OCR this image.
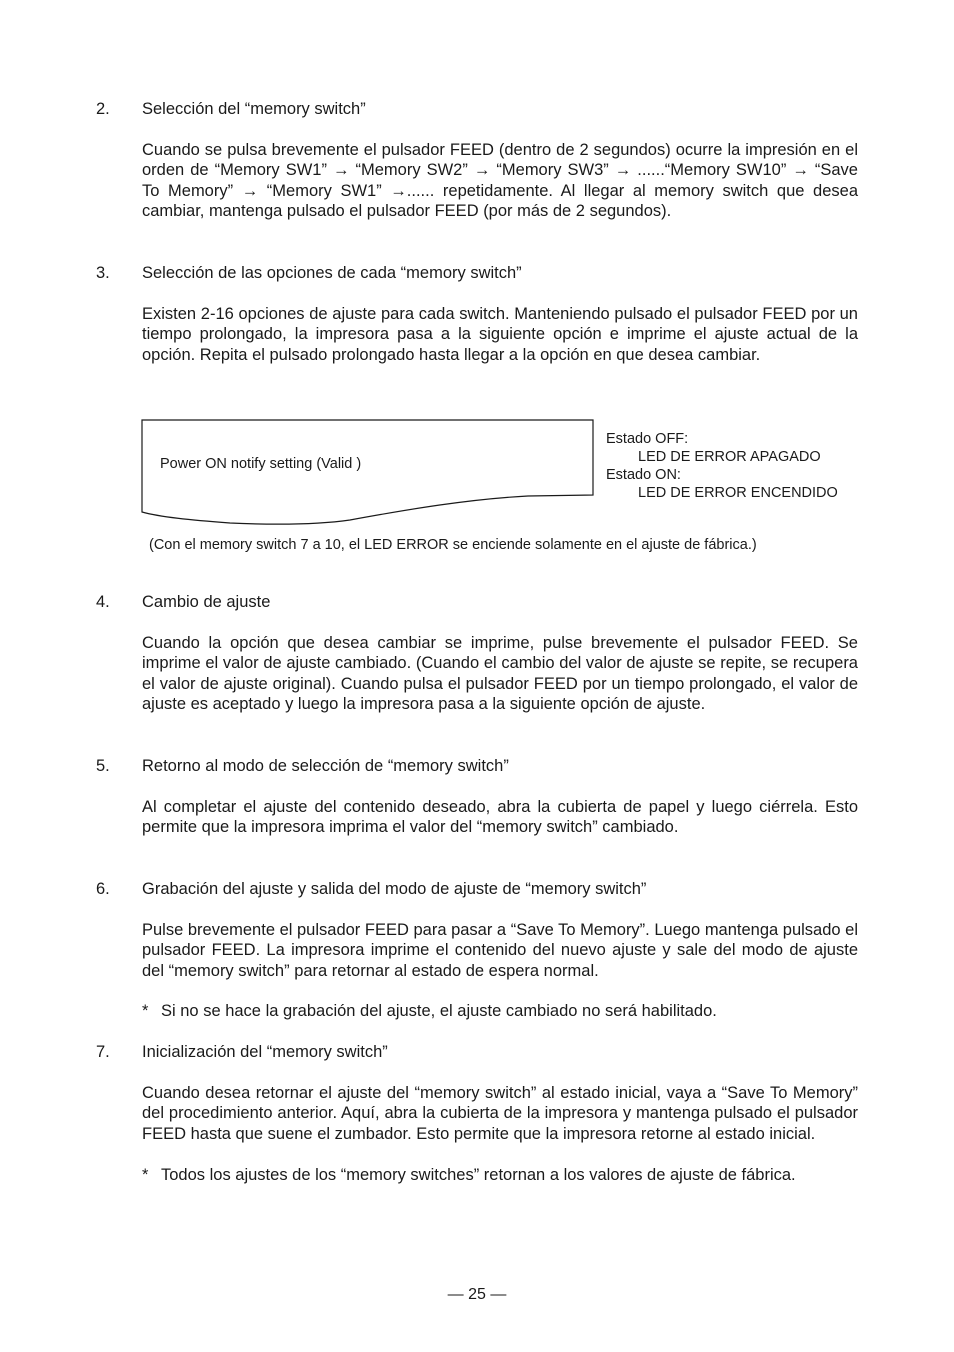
2. Selección del “memory switch”

Cuando se pulsa brevemente el pulsador FEED (dentro de 2 segundos) ocurre la impresión en el orden de “Memory SW1” → “Memory SW2” → “Memory SW3” → ......“Memory SW10” → “Save To Memory” → “Memory SW1” →...... repetidamente. Al llegar al memory switch que desea cambiar, mantenga pulsado el pulsador FEED (por más de 2 segundos).

3. Selección de las opciones de cada “memory switch”

Existen 2-16 opciones de ajuste para cada switch. Manteniendo pulsado el pulsador FEED por un tiempo prolongado, la impresora pasa a la siguiente opción e imprime el ajuste actual de la opción. Repita el pulsado prolongado hasta llegar a la opción en que desea cambiar.

Power ON notify setting (Valid )
Estado OFF:
LED DE ERROR APAGADO
Estado ON:
LED DE ERROR ENCENDIDO
(Con el memory switch 7 a 10, el LED ERROR se enciende solamente en el ajuste de fábrica.)
4. Cambio de ajuste

Cuando la opción que desea cambiar se imprime, pulse brevemente el pulsador FEED. Se imprime el valor de ajuste cambiado. (Cuando el cambio del valor de ajuste se repite, se recupera el valor de ajuste original). Cuando pulsa el pulsador FEED por un tiempo prolongado, el valor de ajuste es aceptado y luego la impresora pasa a la siguiente opción de ajuste.

5. Retorno al modo de selección de “memory switch”

Al completar el ajuste del contenido deseado, abra la cubierta de papel y luego ciérrela. Esto permite que la impresora imprima el valor del “memory switch” cambiado.

6. Grabación del ajuste y salida del modo de ajuste de “memory switch”

Pulse brevemente el pulsador FEED para pasar a “Save To Memory”. Luego mantenga pulsado el pulsador FEED. La impresora imprime el contenido del nuevo ajuste y sale del modo de ajuste del “memory switch” para retornar al estado de espera normal.

* Si no se hace la grabación del ajuste, el ajuste cambiado no será habilitado.
7. Inicialización del “memory switch”

Cuando desea retornar el ajuste del “memory switch” al estado inicial, vaya a “Save To Memory” del procedimiento anterior. Aquí, abra la cubierta de la impresora y mantenga pulsado el pulsador FEED hasta que suene el zumbador. Esto permite que la impresora retorne al estado inicial.

* Todos los ajustes de los “memory switches” retornan a los valores de ajuste de fábrica.
— 25 —
